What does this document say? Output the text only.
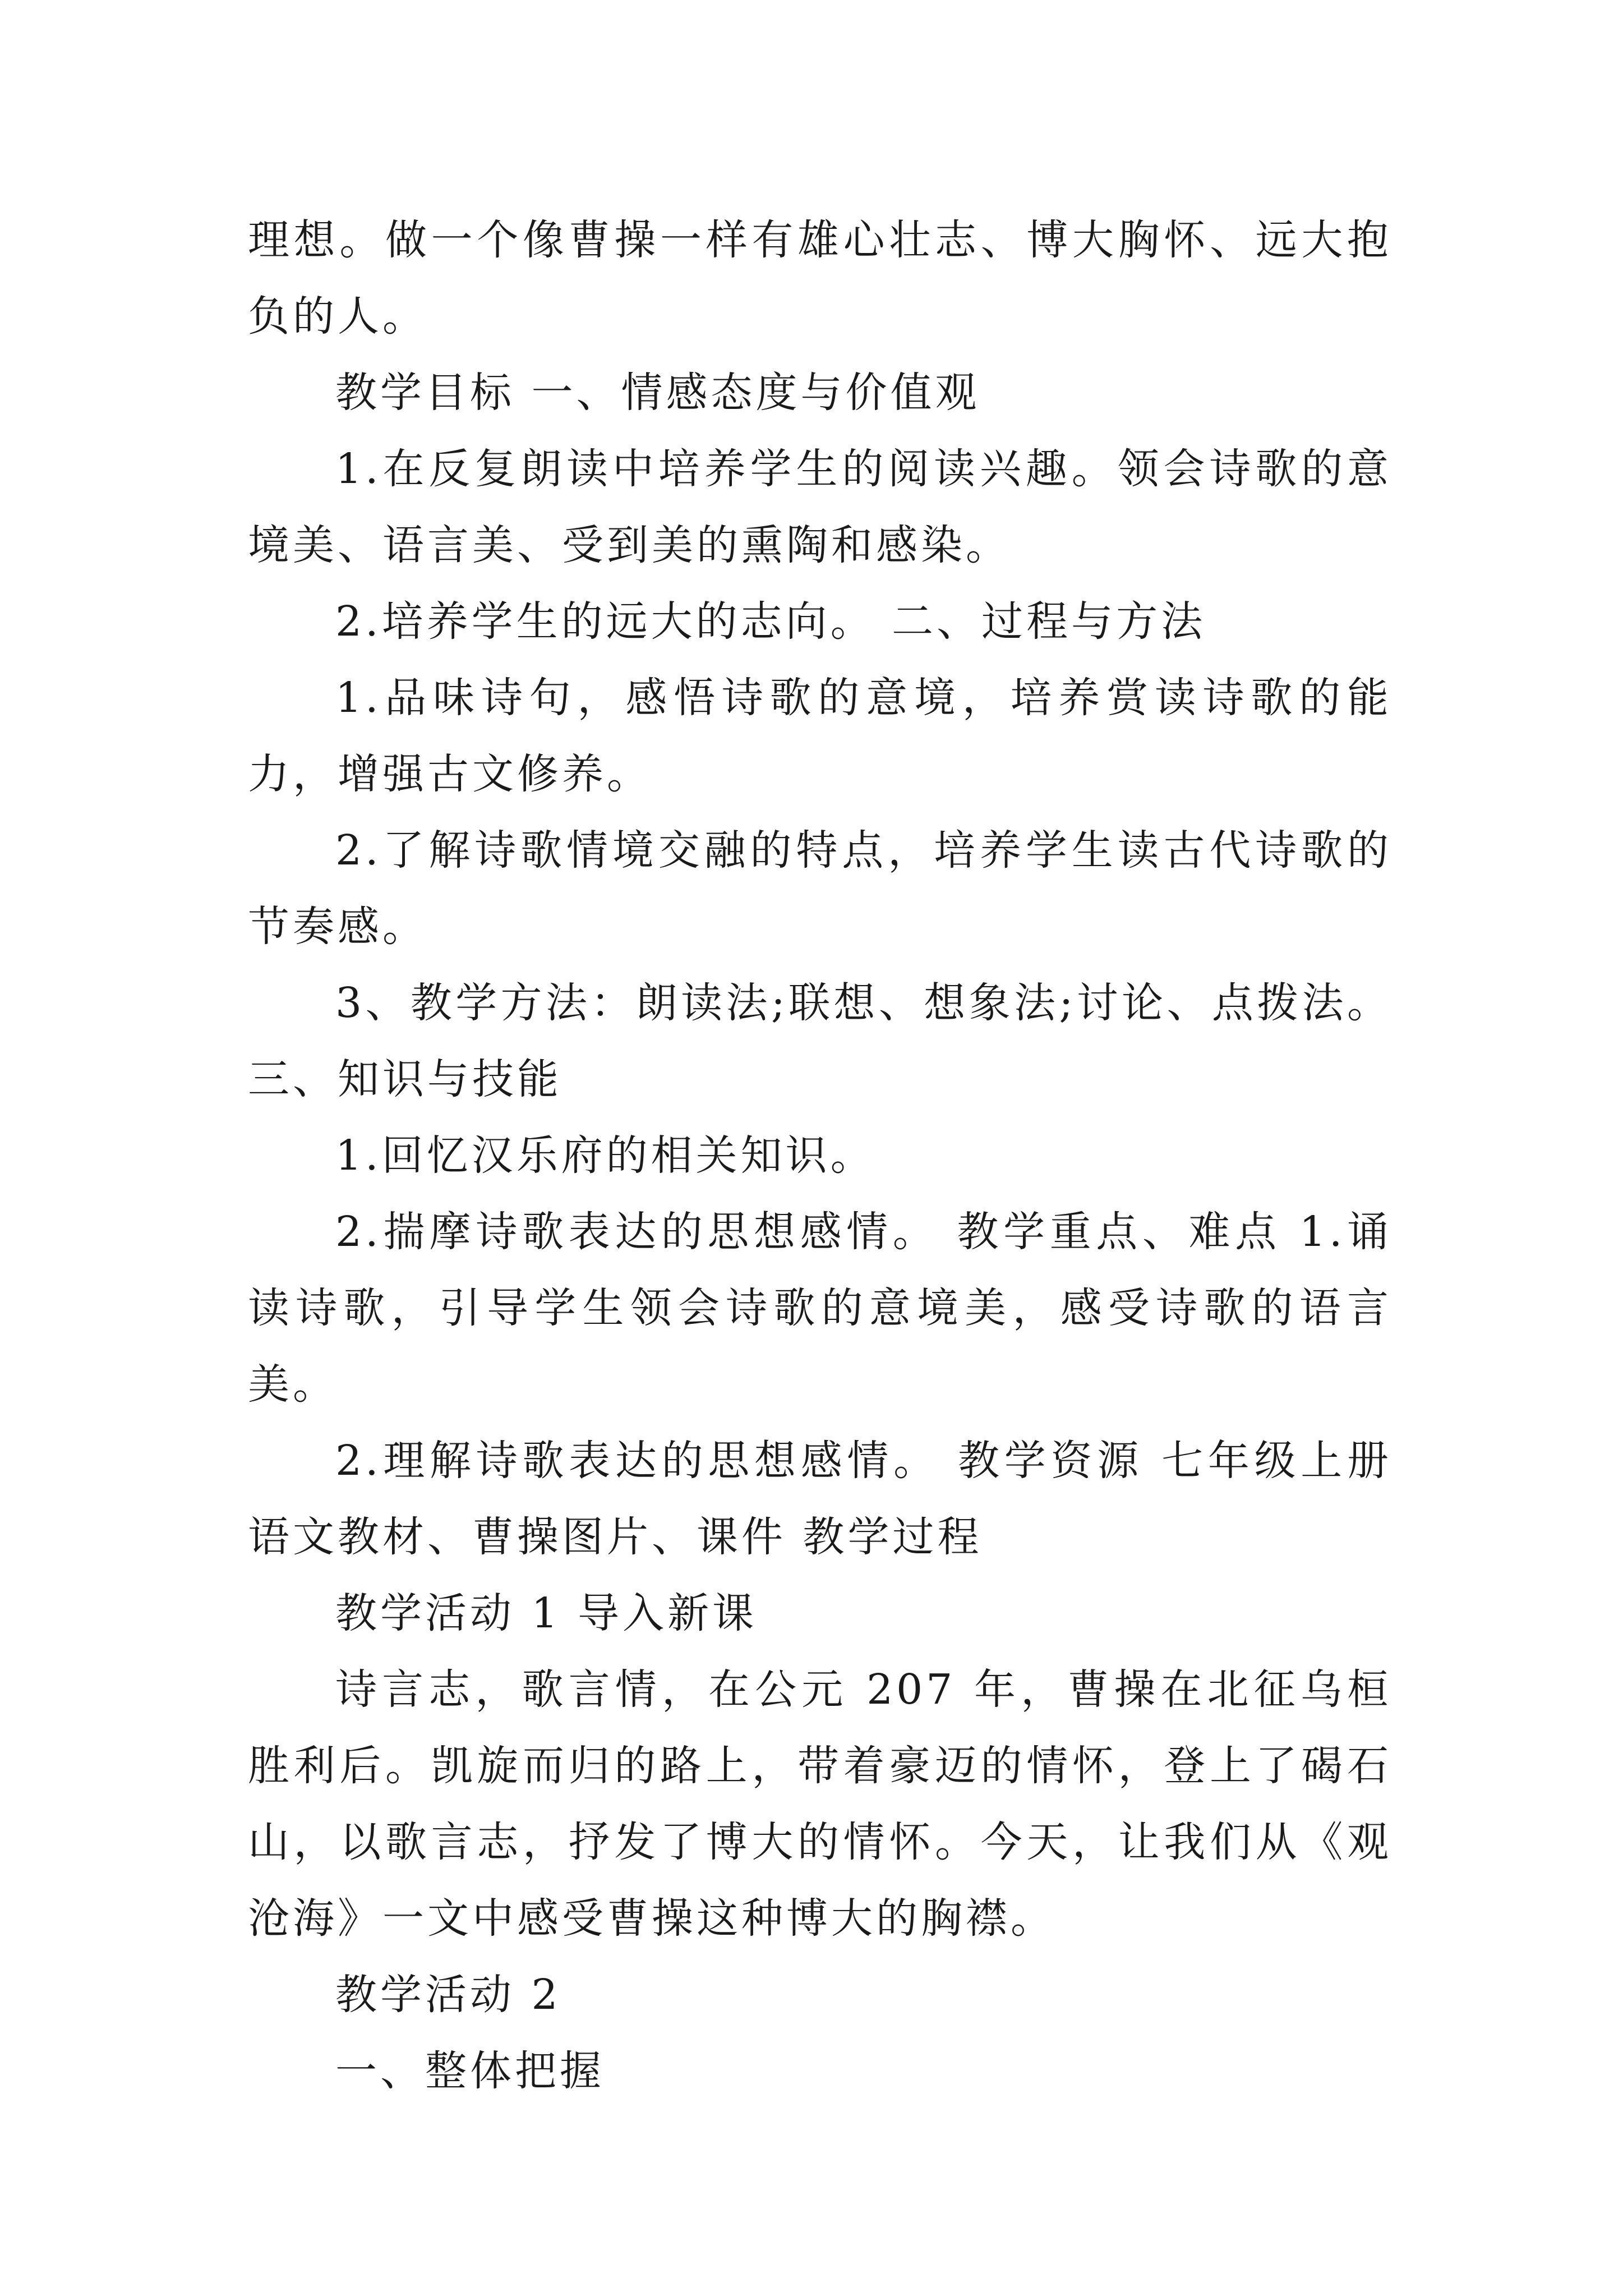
理想。做一个像曹操一样有雄心壮志、博大胸怀、远大抱负的人。

教学目标 一、情感态度与价值观

1.在反复朗读中培养学生的阅读兴趣。领会诗歌的意境美、语言美、受到美的熏陶和感染。

2.培养学生的远大的志向。 二、过程与方法

1.品味诗句，感悟诗歌的意境，培养赏读诗歌的能力，增强古文修养。

2.了解诗歌情境交融的特点，培养学生读古代诗歌的节奏感。

3、教学方法：朗读法;联想、想象法;讨论、点拨法。三、知识与技能

1.回忆汉乐府的相关知识。

2.揣摩诗歌表达的思想感情。 教学重点、难点 1.诵读诗歌，引导学生领会诗歌的意境美，感受诗歌的语言美。

2.理解诗歌表达的思想感情。 教学资源 七年级上册语文教材、曹操图片、课件 教学过程

教学活动 1 导入新课

诗言志，歌言情，在公元 207 年，曹操在北征乌桓胜利后。凯旋而归的路上，带着豪迈的情怀，登上了碣石山，以歌言志，抒发了博大的情怀。今天，让我们从《观沧海》一文中感受曹操这种博大的胸襟。

教学活动 2

一、整体把握
